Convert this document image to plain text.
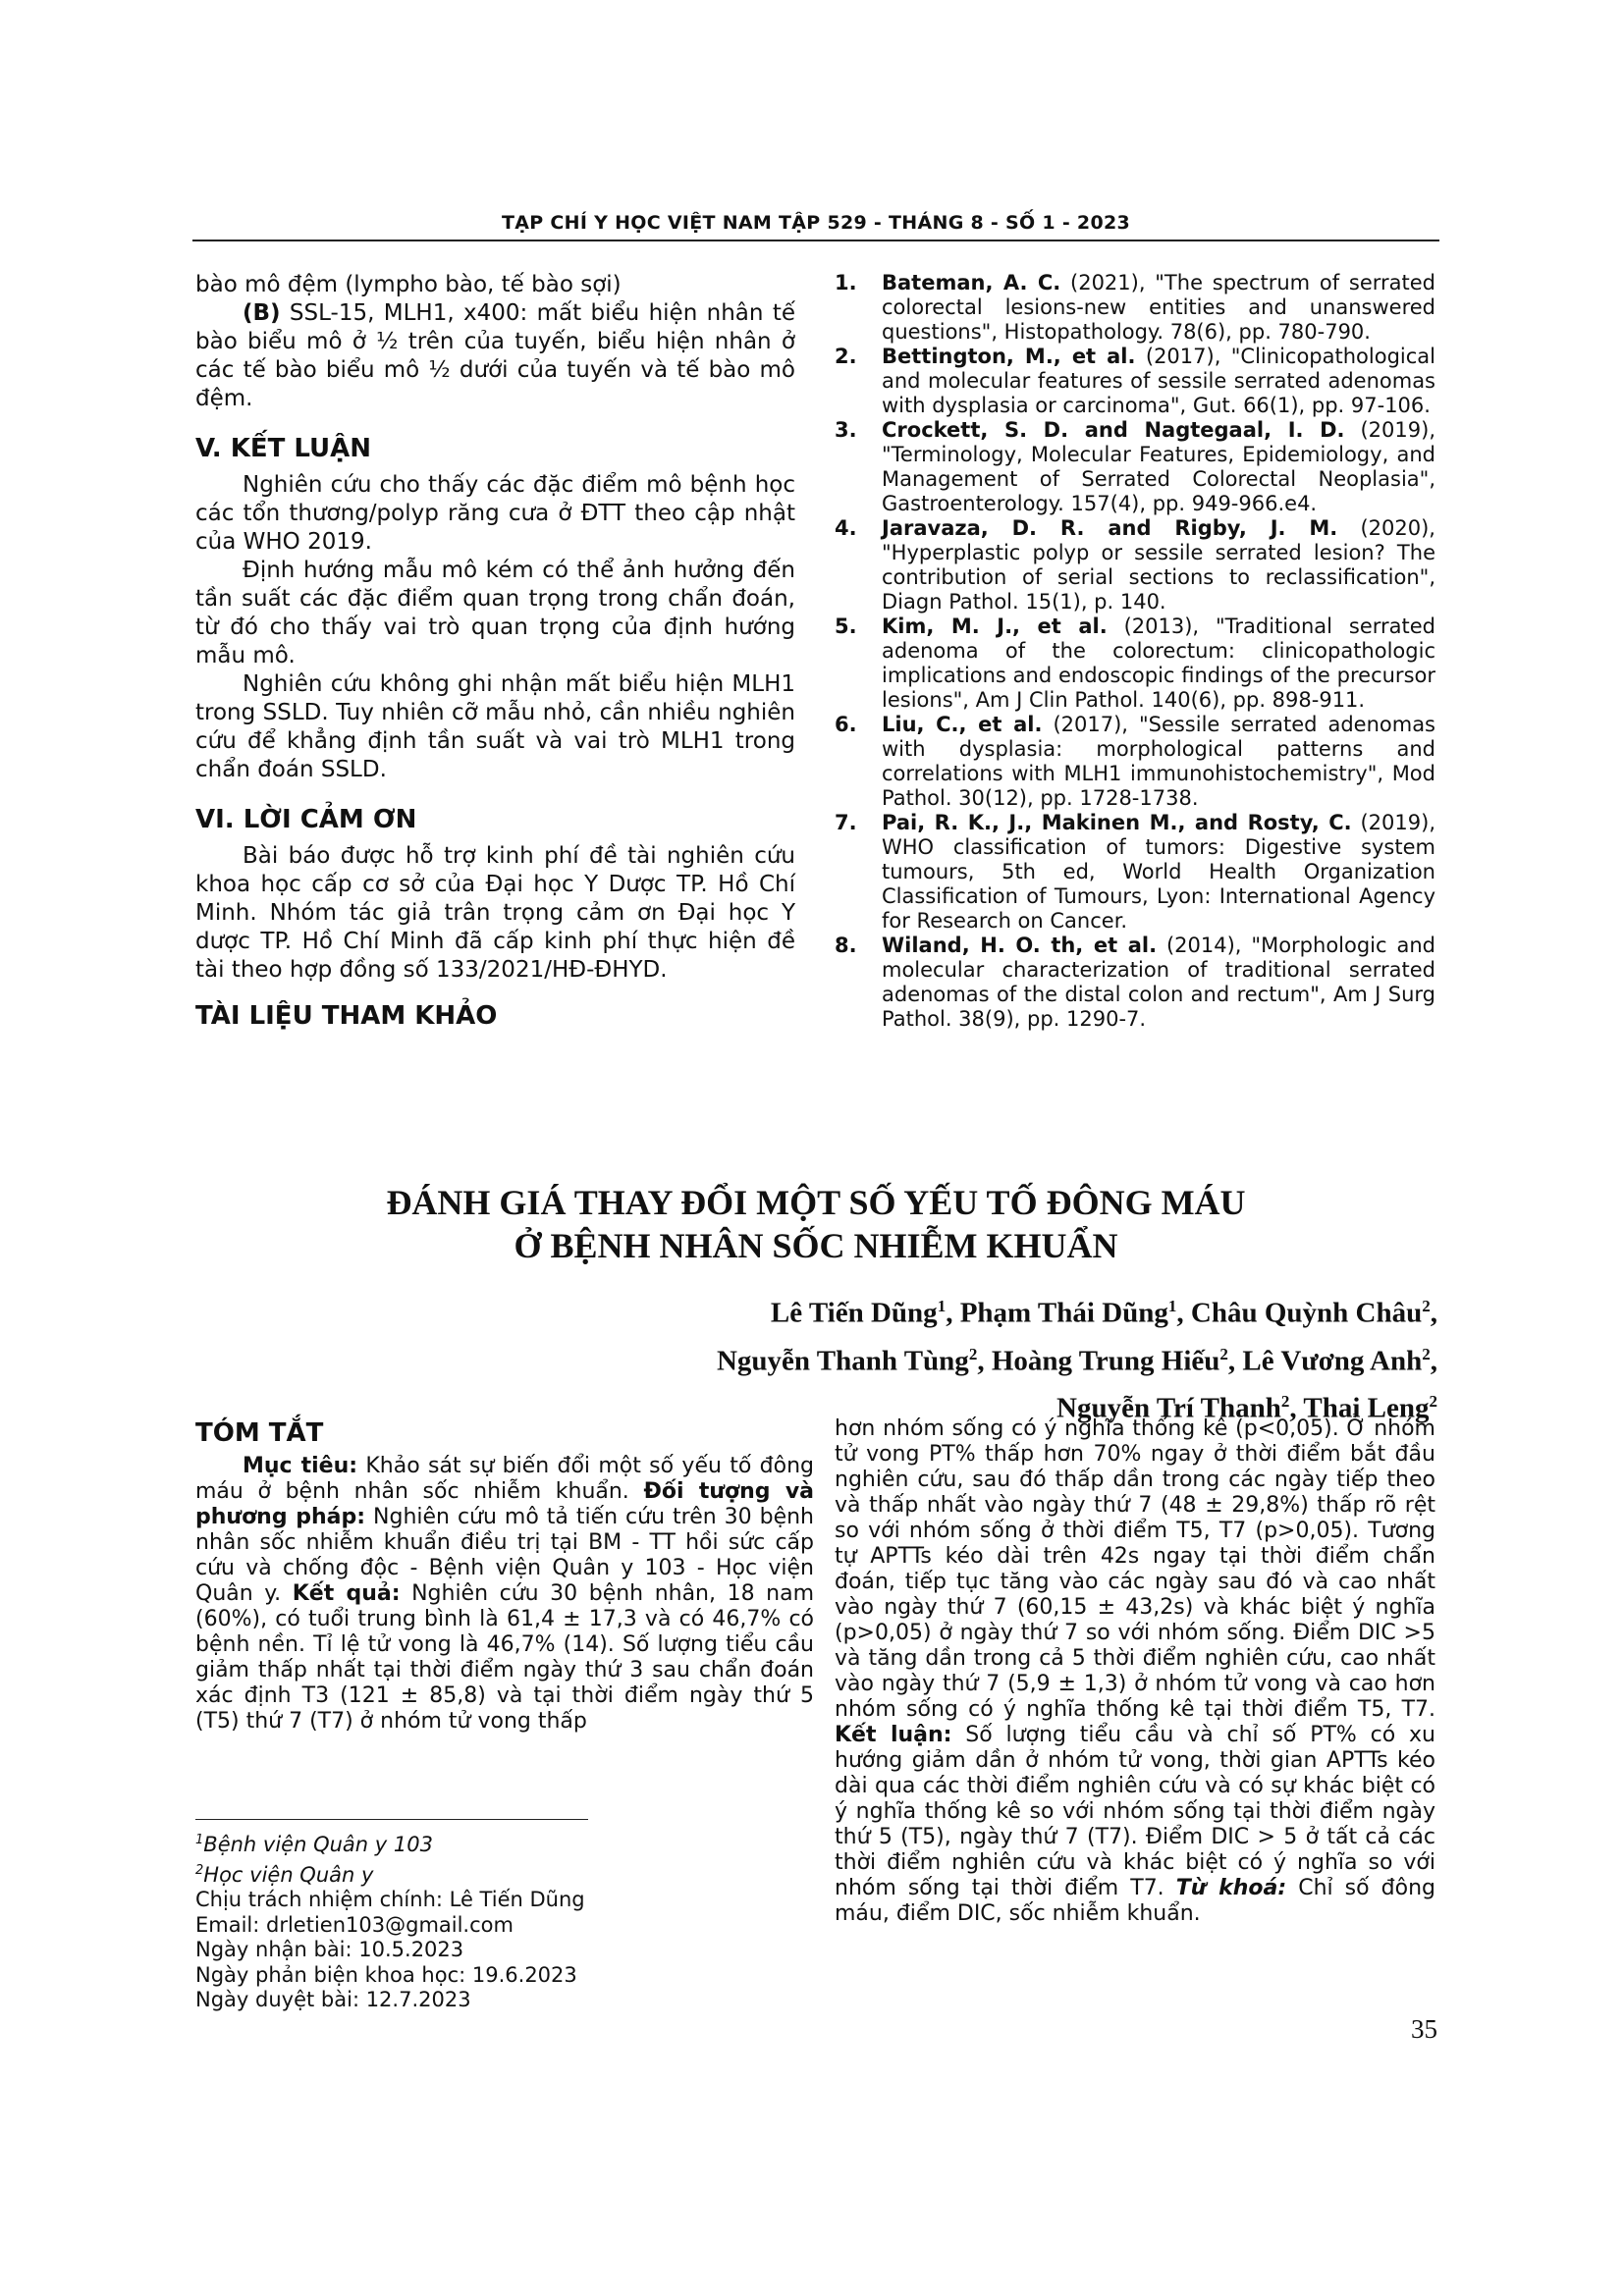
TẠP CHÍ Y HỌC VIỆT NAM TẬP 529 - THÁNG 8 - SỐ 1 - 2023

bào mô đệm (lympho bào, tế bào sợi)

(B) SSL-15, MLH1, x400: mất biểu hiện nhân tế bào biểu mô ở ½ trên của tuyến, biểu hiện nhân ở các tế bào biểu mô ½ dưới của tuyến và tế bào mô đệm.

V. KẾT LUẬN

Nghiên cứu cho thấy các đặc điểm mô bệnh học các tổn thương/polyp răng cưa ở ĐTT theo cập nhật của WHO 2019.

Định hướng mẫu mô kém có thể ảnh hưởng đến tần suất các đặc điểm quan trọng trong chẩn đoán, từ đó cho thấy vai trò quan trọng của định hướng mẫu mô.

Nghiên cứu không ghi nhận mất biểu hiện MLH1 trong SSLD. Tuy nhiên cỡ mẫu nhỏ, cần nhiều nghiên cứu để khẳng định tần suất và vai trò MLH1 trong chẩn đoán SSLD.

VI. LỜI CẢM ƠN

Bài báo được hỗ trợ kinh phí đề tài nghiên cứu khoa học cấp cơ sở của Đại học Y Dược TP. Hồ Chí Minh. Nhóm tác giả trân trọng cảm ơn Đại học Y dược TP. Hồ Chí Minh đã cấp kinh phí thực hiện đề tài theo hợp đồng số 133/2021/HĐ-ĐHYD.

TÀI LIỆU THAM KHẢO
1.	Bateman, A. C. (2021), "The spectrum of serrated colorectal lesions-new entities and unanswered questions", Histopathology. 78(6), pp. 780-790.
2.	Bettington, M., et al. (2017), "Clinicopathological and molecular features of sessile serrated adenomas with dysplasia or carcinoma", Gut. 66(1), pp. 97-106.
3.	Crockett, S. D. and Nagtegaal, I. D. (2019), "Terminology, Molecular Features, Epidemiology, and Management of Serrated Colorectal Neoplasia", Gastroenterology. 157(4), pp. 949-966.e4.
4.	Jaravaza, D. R. and Rigby, J. M. (2020), "Hyperplastic polyp or sessile serrated lesion? The contribution of serial sections to reclassification", Diagn Pathol. 15(1), p. 140.
5.	Kim, M. J., et al. (2013), "Traditional serrated adenoma of the colorectum: clinicopathologic implications and endoscopic findings of the precursor lesions", Am J Clin Pathol. 140(6), pp. 898-911.
6.	Liu, C., et al. (2017), "Sessile serrated adenomas with dysplasia: morphological patterns and correlations with MLH1 immunohistochemistry", Mod Pathol. 30(12), pp. 1728-1738.
7.	Pai, R. K., J., Makinen M., and Rosty, C. (2019), WHO classification of tumors: Digestive system tumours, 5th ed, World Health Organization Classification of Tumours, Lyon: International Agency for Research on Cancer.
8.	Wiland, H. O. th, et al. (2014), "Morphologic and molecular characterization of traditional serrated adenomas of the distal colon and rectum", Am J Surg Pathol. 38(9), pp. 1290-7.
ĐÁNH GIÁ THAY ĐỔI MỘT SỐ YẾU TỐ ĐÔNG MÁU
Ở BỆNH NHÂN SỐC NHIỄM KHUẨN
Lê Tiến Dũng$^1$, Phạm Thái Dũng$^1$, Châu Quỳnh Châu$^2$,
Nguyễn Thanh Tùng$^2$, Hoàng Trung Hiếu$^2$, Lê Vương Anh$^2$,
Nguyễn Trí Thanh$^2$, Thai Leng$^2$
TÓM TẮT

Mục tiêu: Khảo sát sự biến đổi một số yếu tố đông máu ở bệnh nhân sốc nhiễm khuẩn. Đối tượng và phương pháp: Nghiên cứu mô tả tiến cứu trên 30 bệnh nhân sốc nhiễm khuẩn điều trị tại BM - TT hồi sức cấp cứu và chống độc - Bệnh viện Quân y 103 - Học viện Quân y. Kết quả: Nghiên cứu 30 bệnh nhân, 18 nam (60%), có tuổi trung bình là 61,4 ± 17,3 và có 46,7% có bệnh nền. Tỉ lệ tử vong là 46,7% (14). Số lượng tiểu cầu giảm thấp nhất tại thời điểm ngày thứ 3 sau chẩn đoán xác định T3 (121 ± 85,8) và tại thời điểm ngày thứ 5 (T5) thứ 7 (T7) ở nhóm tử vong thấp

hơn nhóm sống có ý nghĩa thống kê (p<0,05). Ở nhóm tử vong PT% thấp hơn 70% ngay ở thời điểm bắt đầu nghiên cứu, sau đó thấp dần trong các ngày tiếp theo và thấp nhất vào ngày thứ 7 (48 ± 29,8%) thấp rõ rệt so với nhóm sống ở thời điểm T5, T7 (p>0,05). Tương tự APTTs kéo dài trên 42s ngay tại thời điểm chẩn đoán, tiếp tục tăng vào các ngày sau đó và cao nhất vào ngày thứ 7 (60,15 ± 43,2s) và khác biệt ý nghĩa (p>0,05) ở ngày thứ 7 so với nhóm sống. Điểm DIC >5 và tăng dần trong cả 5 thời điểm nghiên cứu, cao nhất vào ngày thứ 7 (5,9 ± 1,3) ở nhóm tử vong và cao hơn nhóm sống có ý nghĩa thống kê tại thời điểm T5, T7. Kết luận: Số lượng tiểu cầu và chỉ số PT% có xu hướng giảm dần ở nhóm tử vong, thời gian APTTs kéo dài qua các thời điểm nghiên cứu và có sự khác biệt có ý nghĩa thống kê so với nhóm sống tại thời điểm ngày thứ 5 (T5), ngày thứ 7 (T7). Điểm DIC > 5 ở tất cả các thời điểm nghiên cứu và khác biệt có ý nghĩa so với nhóm sống tại thời điểm T7. Từ khoá: Chỉ số đông máu, điểm DIC, sốc nhiễm khuẩn.

$^1$Bệnh viện Quân y 103
$^2$Học viện Quân y
Chịu trách nhiệm chính: Lê Tiến Dũng
Email: drletien103@gmail.com
Ngày nhận bài: 10.5.2023
Ngày phản biện khoa học: 19.6.2023
Ngày duyệt bài: 12.7.2023
35
